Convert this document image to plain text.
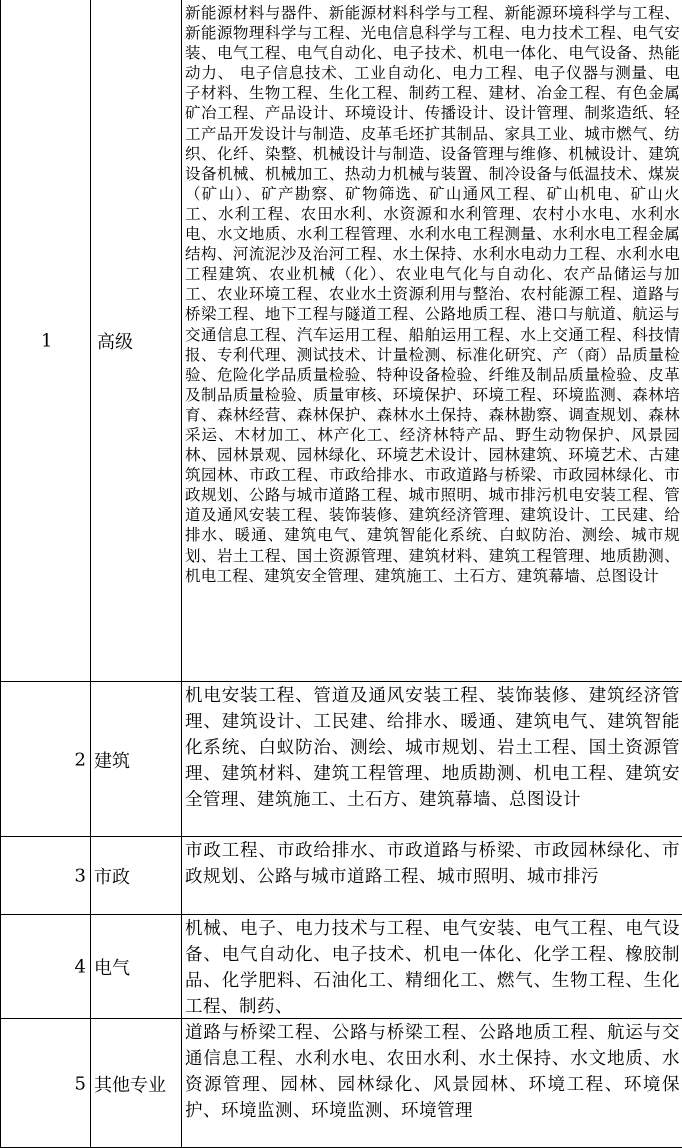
1 高级
新能源材料与器件、新能源材料科学与工程、新能源环境科学与工程、新能源物理科学与工程、光电信息科学与工程、电力技术工程、电气安装、电气工程、电气自动化、电子技术、机电一体化、电气设备、热能动力、 电子信息技术、工业自动化、电力工程、电子仪器与测量、电子材料、生物工程、生化工程、制药工程、建材、冶金工程、有色金属矿冶工程、产品设计、环境设计、传播设计、设计管理、制浆造纸、轻工产品开发设计与制造、皮革毛坯扩其制品、家具工业、城市燃气、纺织、化纤、染整、机械设计与制造、设备管理与维修、机械设计、建筑设备机械、机械加工、热动力机械与装置、制冷设备与低温技术、煤炭（矿山）、矿产勘察、矿物筛选、矿山通风工程、矿山机电、矿山火工、水利工程、农田水利、水资源和水利管理、农村小水电、水利水电、水文地质、水利工程管理、水利水电工程测量、水利水电工程金属结构、河流泥沙及治河工程、水土保持、水利水电动力工程、水利水电工程建筑、农业机械（化）、农业电气化与自动化、农产品储运与加工、农业环境工程、农业水土资源利用与整治、农村能源工程、道路与桥梁工程、地下工程与隧道工程、公路地质工程、港口与航道、航运与交通信息工程、汽车运用工程、船舶运用工程、水上交通工程、科技情报、专利代理、测试技术、计量检测、标准化研究、产（商）品质量检验、危险化学品质量检验、特种设备检验、纤维及制品质量检验、皮革及制品质量检验、质量审核、环境保护、环境工程、环境监测、森林培育、森林经营、森林保护、森林水土保持、森林勘察、调查规划、森林采运、木材加工、林产化工、经济林特产品、野生动物保护、风景园林、园林景观、园林绿化、环境艺术设计、园林建筑、环境艺术、古建筑园林、市政工程、市政给排水、市政道路与桥梁、市政园林绿化、市政规划、公路与城市道路工程、城市照明、城市排污机电安装工程、管道及通风安装工程、装饰装修、建筑经济管理、建筑设计、工民建、给排水、暖通、建筑电气、建筑智能化系统、白蚁防治、测绘、城市规划、岩土工程、国土资源管理、建筑材料、建筑工程管理、地质勘测、机电工程、建筑安全管理、建筑施工、土石方、建筑幕墙、总图设计
2 建筑
机电安装工程、管道及通风安装工程、装饰装修、建筑经济管理、建筑设计、工民建、给排水、暖通、建筑电气、建筑智能化系统、白蚁防治、测绘、城市规划、岩土工程、国土资源管理、建筑材料、建筑工程管理、地质勘测、机电工程、建筑安全管理、建筑施工、土石方、建筑幕墙、总图设计
3 市政
市政工程、市政给排水、市政道路与桥梁、市政园林绿化、市政规划、公路与城市道路工程、城市照明、城市排污
4 电气
机械、电子、电力技术与工程、电气安装、电气工程、电气设备、电气自动化、电子技术、机电一体化、化学工程、橡胶制品、化学肥料、石油化工、精细化工、燃气、生物工程、生化工程、制药、
5 其他专业
道路与桥梁工程、公路与桥梁工程、公路地质工程、航运与交通信息工程、水利水电、农田水利、水土保持、水文地质、水资源管理、园林、园林绿化、风景园林、环境工程、环境保护、环境监测、环境监测、环境管理
